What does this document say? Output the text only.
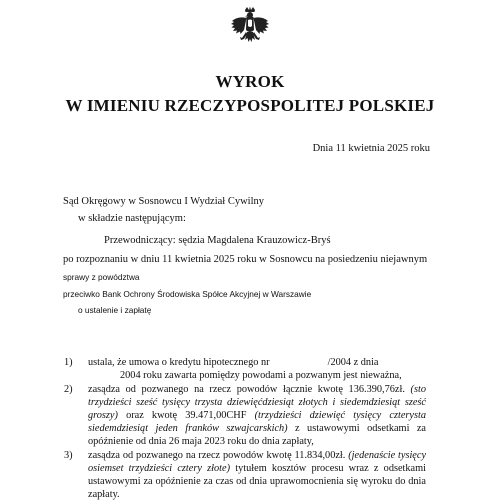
WYROK
W IMIENIU RZECZYPOSPOLITEJ POLSKIEJ
Dnia 11 kwietnia 2025 roku
Sąd Okręgowy w Sosnowcu I Wydział Cywilny
w składzie następującym:
Przewodniczący: sędzia Magdalena Krauzowicz-Bryś
po rozpoznaniu w dniu 11 kwietnia 2025 roku w Sosnowcu na posiedzeniu niejawnym
sprawy z powództwa
przeciwko Bank Ochrony Środowiska Spółce Akcyjnej w Warszawie
o ustalenie i zapłatę
1) ustala, że umowa o kredytu hipotecznego nr	/2004 z dnia
2004 roku zawarta pomiędzy powodami a pozwanym jest nieważna,
2) zasądza od pozwanego na rzecz powodów łącznie kwotę 136.390,76zł. (sto trzydzieści sześć tysięcy trzysta dziewięćdziesiąt złotych i siedemdziesiąt sześć groszy) oraz kwotę 39.471,00CHF (trzydzieści dziewięć tysięcy czterysta siedemdziesiąt jeden franków szwajcarskich) z ustawowymi odsetkami za opóźnienie od dnia 26 maja 2023 roku do dnia zapłaty,
3) zasądza od pozwanego na rzecz powodów kwotę 11.834,00zł. (jedenaście tysięcy osiemset trzydzieści cztery złote) tytułem kosztów procesu wraz z odsetkami ustawowymi za opóźnienie za czas od dnia uprawomocnienia się wyroku do dnia zapłaty.
